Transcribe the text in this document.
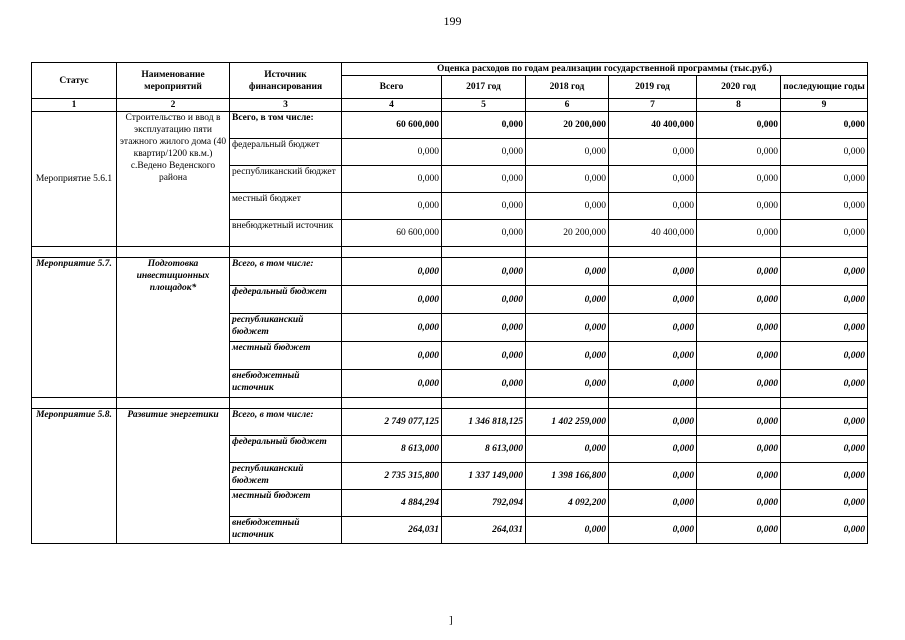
199
Статус	Наименование мероприятий	Источник финансирования	Оценка расходов по годам реализации государственной программы (тыс.руб.)					
			Всего	2017 год	2018 год	2019 год	2020 год	последующие годы
1	2	3	4	5	6	7	8	9
Мероприятие 5.6.1	Строительство и ввод в эксплуатацию пяти этажного жилого дома (40 квартир/1200 кв.м.) с.Ведено Веденского района	Всего, в том числе:	60 600,000	0,000	20 200,000	40 400,000	0,000	0,000
		федеральный бюджет	0,000	0,000	0,000	0,000	0,000	0,000
		республиканский бюджет	0,000	0,000	0,000	0,000	0,000	0,000
		местный бюджет	0,000	0,000	0,000	0,000	0,000	0,000
		внебюджетный источник	60 600,000	0,000	20 200,000	40 400,000	0,000	0,000

Мероприятие 5.7.	Подготовка инвестиционных площадок*	Всего, в том числе:	0,000	0,000	0,000	0,000	0,000	0,000
		федеральный бюджет	0,000	0,000	0,000	0,000	0,000	0,000
		республиканский бюджет	0,000	0,000	0,000	0,000	0,000	0,000
		местный бюджет	0,000	0,000	0,000	0,000	0,000	0,000
		внебюджетный источник	0,000	0,000	0,000	0,000	0,000	0,000

Мероприятие 5.8.	Развитие энергетики	Всего, в том числе:	2 749 077,125	1 346 818,125	1 402 259,000	0,000	0,000	0,000
		федеральный бюджет	8 613,000	8 613,000	0,000	0,000	0,000	0,000
		республиканский бюджет	2 735 315,800	1 337 149,000	1 398 166,800	0,000	0,000	0,000
		местный бюджет	4 884,294	792,094	4 092,200	0,000	0,000	0,000
		внебюджетный источник	264,031	264,031	0,000	0,000	0,000	0,000
]
